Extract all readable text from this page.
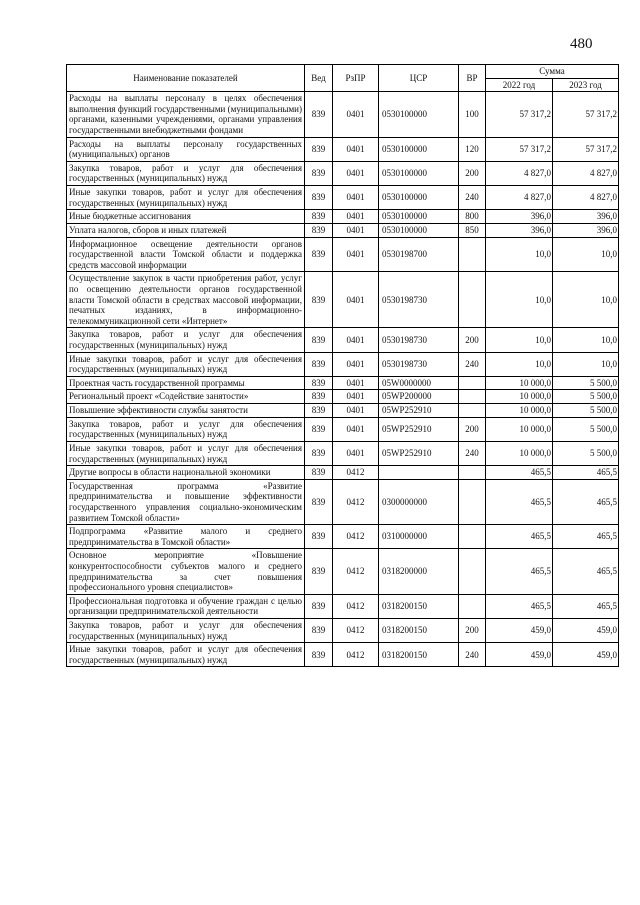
480
Наименование показателей	Вед	РзПР	ЦСР	ВР	Сумма	
					2022 год	2023 год
Расходы на выплаты персоналу в целях обеспечения выполнения функций государственными (муниципальными) органами, казенными учреждениями, органами управления государственными внебюджетными фондами	839	0401	0530100000	100	57 317,2	57 317,2
Расходы на выплаты персоналу государственных (муниципальных) органов	839	0401	0530100000	120	57 317,2	57 317,2
Закупка товаров, работ и услуг для обеспечения государственных (муниципальных) нужд	839	0401	0530100000	200	4 827,0	4 827,0
Иные закупки товаров, работ и услуг для обеспечения государственных (муниципальных) нужд	839	0401	0530100000	240	4 827,0	4 827,0
Иные бюджетные ассигнования	839	0401	0530100000	800	396,0	396,0
Уплата налогов, сборов и иных платежей	839	0401	0530100000	850	396,0	396,0
Информационное освещение деятельности органов государственной власти Томской области и поддержка средств массовой информации	839	0401	0530198700		10,0	10,0
Осуществление закупок в части приобретения работ, услуг по освещению деятельности органов государственной власти Томской области в средствах массовой информации, печатных изданиях, в информационно-телекоммуникационной сети «Интернет»	839	0401	0530198730		10,0	10,0
Закупка товаров, работ и услуг для обеспечения государственных (муниципальных) нужд	839	0401	0530198730	200	10,0	10,0
Иные закупки товаров, работ и услуг для обеспечения государственных (муниципальных) нужд	839	0401	0530198730	240	10,0	10,0
Проектная часть государственной программы	839	0401	05W0000000		10 000,0	5 500,0
Региональный проект «Содействие занятости»	839	0401	05WP200000		10 000,0	5 500,0
Повышение эффективности службы занятости	839	0401	05WP252910		10 000,0	5 500,0
Закупка товаров, работ и услуг для обеспечения государственных (муниципальных) нужд	839	0401	05WP252910	200	10 000,0	5 500,0
Иные закупки товаров, работ и услуг для обеспечения государственных (муниципальных) нужд	839	0401	05WP252910	240	10 000,0	5 500,0
Другие вопросы в области национальной экономики	839	0412			465,5	465,5
Государственная программа «Развитие предпринимательства и повышение эффективности государственного управления социально-экономическим развитием Томской области»	839	0412	0300000000		465,5	465,5
Подпрограмма «Развитие малого и среднего предпринимательства в Томской области»	839	0412	0310000000		465,5	465,5
Основное мероприятие «Повышение конкурентоспособности субъектов малого и среднего предпринимательства за счет повышения профессионального уровня специалистов»	839	0412	0318200000		465,5	465,5
Профессиональная подготовка и обучение граждан с целью организации предпринимательской деятельности	839	0412	0318200150		465,5	465,5
Закупка товаров, работ и услуг для обеспечения государственных (муниципальных) нужд	839	0412	0318200150	200	459,0	459,0
Иные закупки товаров, работ и услуг для обеспечения государственных (муниципальных) нужд	839	0412	0318200150	240	459,0	459,0
